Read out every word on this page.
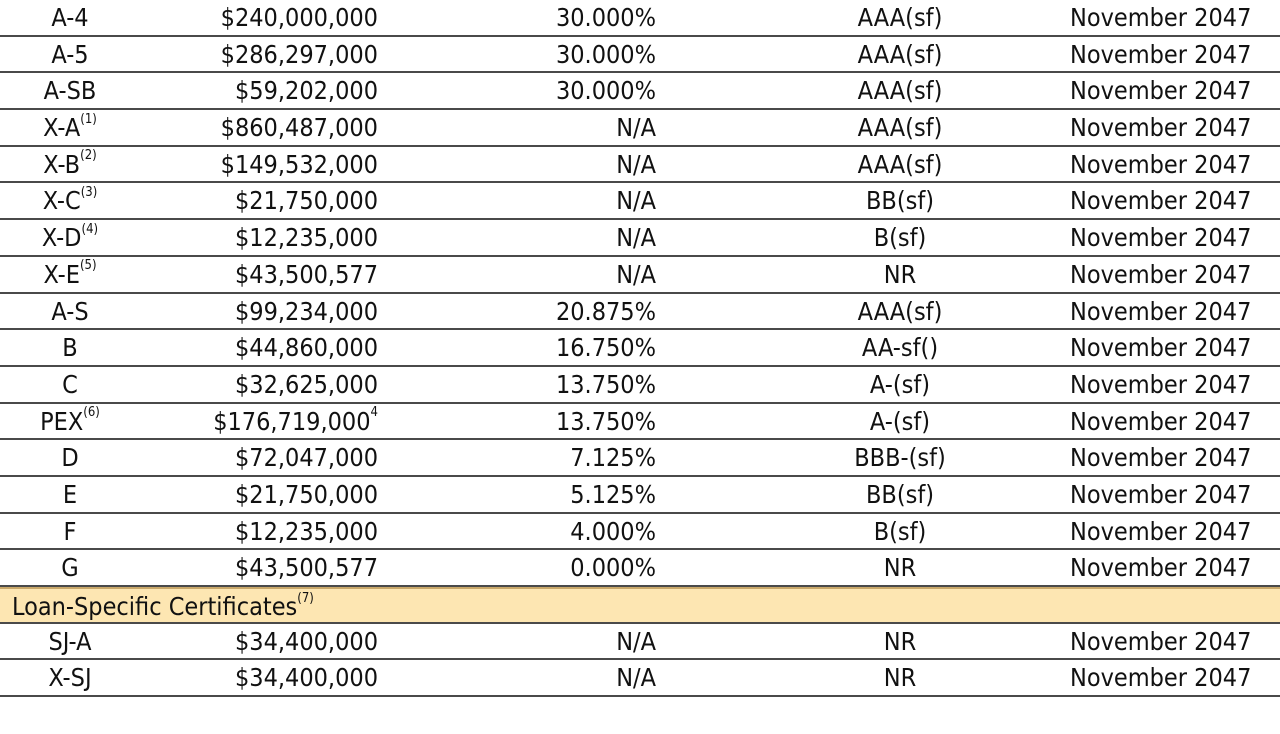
A-4	$240,000,000	30.000%	AAA(sf)	November 2047
A-5	$286,297,000	30.000%	AAA(sf)	November 2047
A-SB	$59,202,000	30.000%	AAA(sf)	November 2047
$X-A^{(1)}$	$860,487,000	N/A	AAA(sf)	November 2047
$X-B^{(2)}$	$149,532,000	N/A	AAA(sf)	November 2047
$X-C^{(3)}$	$21,750,000	N/A	BB(sf)	November 2047
$X-D^{(4)}$	$12,235,000	N/A	B(sf)	November 2047
$X-E^{(5)}$	$43,500,577	N/A	NR	November 2047
A-S	$99,234,000	20.875%	AAA(sf)	November 2047
B	$44,860,000	16.750%	AA-sf()	November 2047
C	$32,625,000	13.750%	A-(sf)	November 2047
PEX$^{(6)}$	$176,719,000$^4$	13.750%	A-(sf)	November 2047
D	$72,047,000	7.125%	BBB-(sf)	November 2047
E	$21,750,000	5.125%	BB(sf)	November 2047
F	$12,235,000	4.000%	B(sf)	November 2047
G	$43,500,577	0.000%	NR	November 2047
Loan-Specific Certificates$^{(7)}$
SJ-A	$34,400,000	N/A	NR	November 2047
X-SJ	$34,400,000	N/A	NR	November 2047
